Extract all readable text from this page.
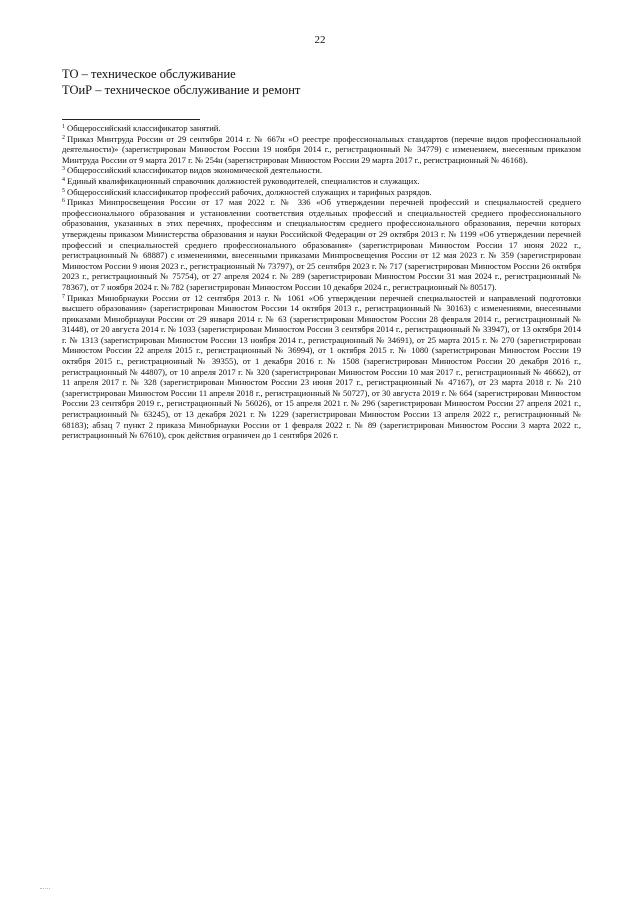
22
ТО – техническое обслуживание
ТОиР – техническое обслуживание и ремонт

$^1$ Общероссийский классификатор занятий.

$^2$ Приказ Минтруда России от 29 сентября 2014 г. № 667н «О реестре профессиональных стандартов (перечне видов профессиональной деятельности)» (зарегистрирован Минюстом России 19 ноября 2014 г., регистрационный № 34779) с изменением, внесенным приказом Минтруда России от 9 марта 2017 г. № 254н (зарегистрирован Минюстом России 29 марта 2017 г., регистрационный № 46168).

$^3$ Общероссийский классификатор видов экономической деятельности.

$^4$ Единый квалификационный справочник должностей руководителей, специалистов и служащих.

$^5$ Общероссийский классификатор профессий рабочих, должностей служащих и тарифных разрядов.

$^6$ Приказ Минпросвещения России от 17 мая 2022 г. № 336 «Об утверждении перечней профессий и специальностей среднего профессионального образования и установлении соответствия отдельных профессий и специальностей среднего профессионального образования, указанных в этих перечнях, профессиям и специальностям среднего профессионального образования, перечни которых утверждены приказом Министерства образования и науки Российской Федерации от 29 октября 2013 г. № 1199 «Об утверждении перечней профессий и специальностей среднего профессионального образования» (зарегистрирован Минюстом России 17 июня 2022 г., регистрационный № 68887) с изменениями, внесенными приказами Минпросвещения России от 12 мая 2023 г. № 359 (зарегистрирован Минюстом России 9 июня 2023 г., регистрационный № 73797), от 25 сентября 2023 г. № 717 (зарегистрирован Минюстом России 26 октября 2023 г., регистрационный № 75754), от 27 апреля 2024 г. № 289 (зарегистрирован Минюстом России 31 мая 2024 г., регистрационный № 78367), от 7 ноября 2024 г. № 782 (зарегистрирован Минюстом России 10 декабря 2024 г., регистрационный № 80517).

$^7$ Приказ Минобрнауки России от 12 сентября 2013 г. № 1061 «Об утверждении перечней специальностей и направлений подготовки высшего образования» (зарегистрирован Минюстом России 14 октября 2013 г., регистрационный № 30163) с изменениями, внесенными приказами Минобрнауки России от 29 января 2014 г. № 63 (зарегистрирован Минюстом России 28 февраля 2014 г., регистрационный № 31448), от 20 августа 2014 г. № 1033 (зарегистрирован Минюстом России 3 сентября 2014 г., регистрационный № 33947), от 13 октября 2014 г. № 1313 (зарегистрирован Минюстом России 13 ноября 2014 г., регистрационный № 34691), от 25 марта 2015 г. № 270 (зарегистрирован Минюстом России 22 апреля 2015 г., регистрационный № 36994), от 1 октября 2015 г. № 1080 (зарегистрирован Минюстом России 19 октября 2015 г., регистрационный № 39355), от 1 декабря 2016 г. № 1508 (зарегистрирован Минюстом России 20 декабря 2016 г., регистрационный № 44807), от 10 апреля 2017 г. № 320 (зарегистрирован Минюстом России 10 мая 2017 г., регистрационный № 46662), от 11 апреля 2017 г. № 328 (зарегистрирован Минюстом России 23 июня 2017 г., регистрационный № 47167), от 23 марта 2018 г. № 210 (зарегистрирован Минюстом России 11 апреля 2018 г., регистрационный № 50727), от 30 августа 2019 г. № 664 (зарегистрирован Минюстом России 23 сентября 2019 г., регистрационный № 56026), от 15 апреля 2021 г. № 296 (зарегистрирован Минюстом России 27 апреля 2021 г., регистрационный № 63245), от 13 декабря 2021 г. № 1229 (зарегистрирован Минюстом России 13 апреля 2022 г., регистрационный № 68183); абзац 7 пункт 2 приказа Минобрнауки России от 1 февраля 2022 г. № 89 (зарегистрирован Минюстом России 3 марта 2022 г., регистрационный № 67610), срок действия ограничен до 1 сентября 2026 г.
